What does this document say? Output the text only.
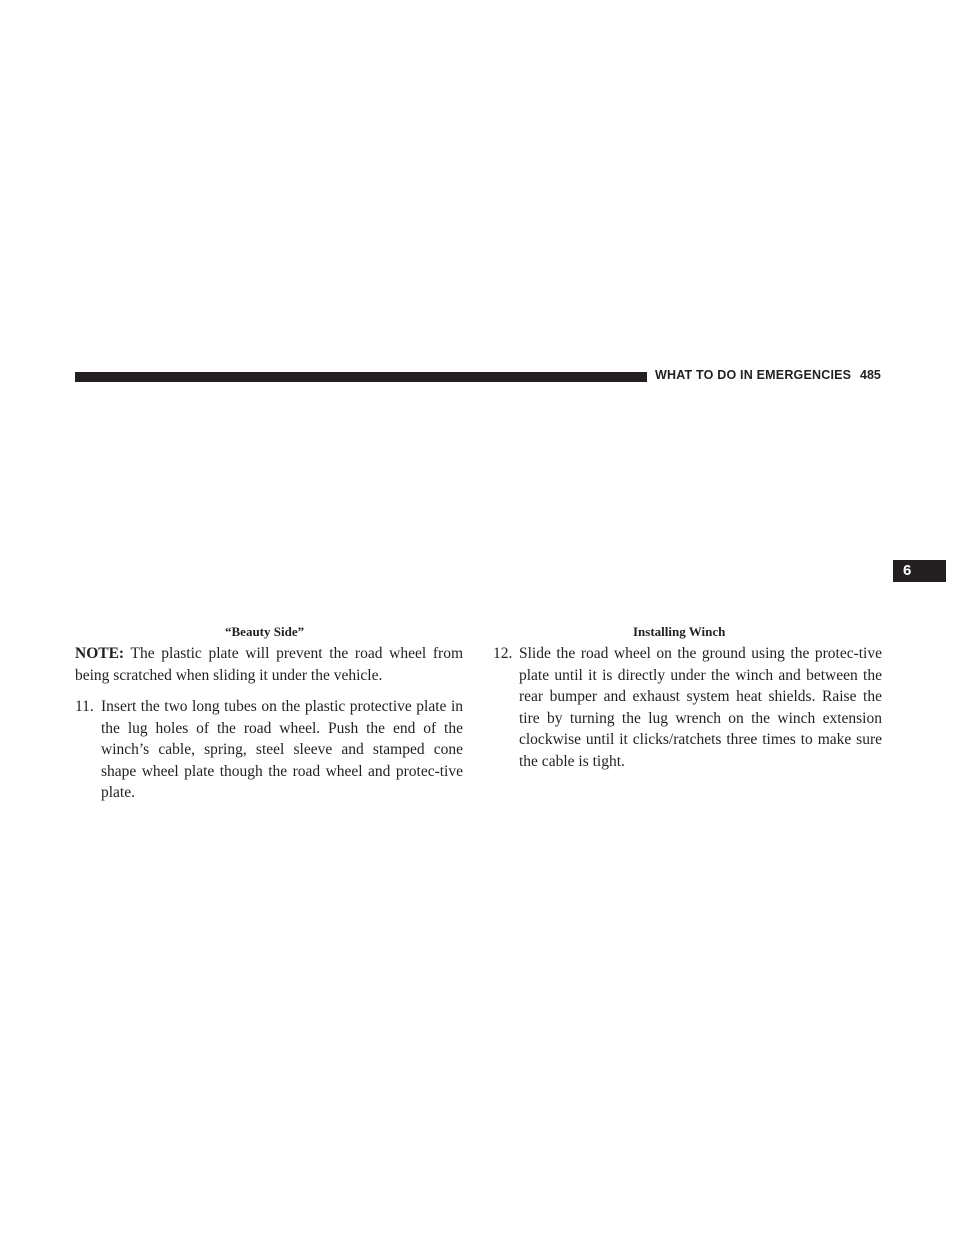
WHAT TO DO IN EMERGENCIES 485
6
“Beauty Side”	Installing Winch

NOTE: The plastic plate will prevent the road wheel from being scratched when sliding it under the vehicle.

11. Insert the two long tubes on the plastic protective plate in the lug holes of the road wheel. Push the end of the winch’s cable, spring, steel sleeve and stamped cone shape wheel plate though the road wheel and protec-tive plate.

12. Slide the road wheel on the ground using the protec-tive plate until it is directly under the winch and between the rear bumper and exhaust system heat shields. Raise the tire by turning the lug wrench on the winch extension clockwise until it clicks/ratchets three times to make sure the cable is tight.
